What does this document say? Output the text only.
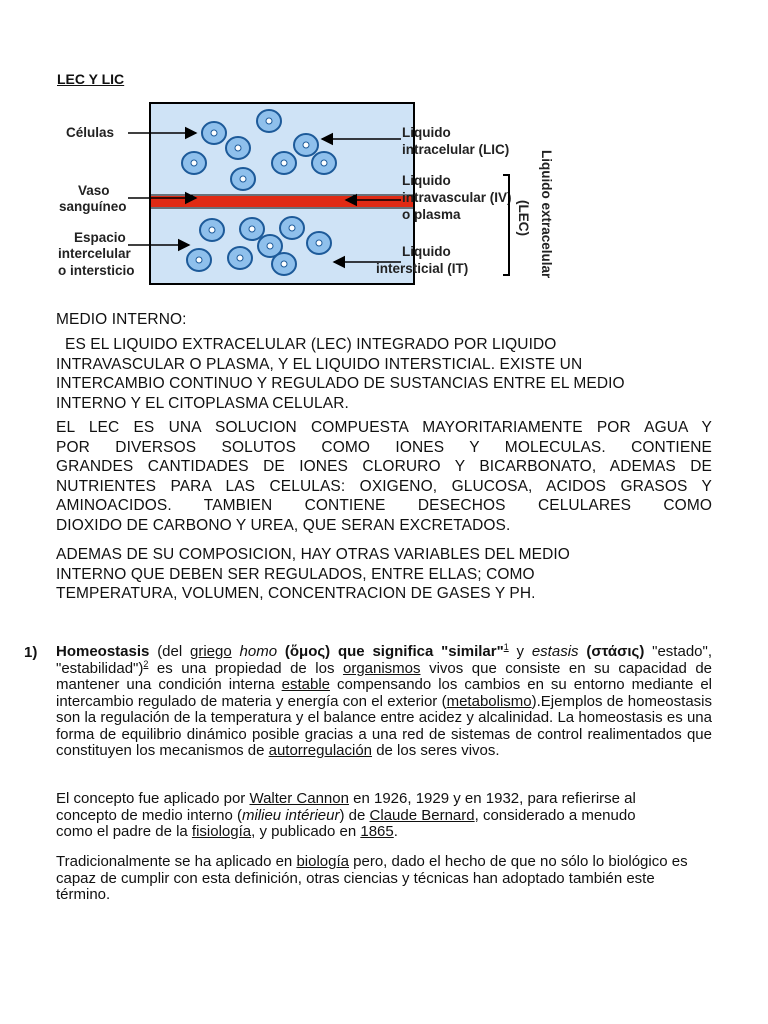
LEC Y LIC
Células
Vaso
sanguíneo
Espacio
intercelular
o intersticio
Liquido
intracelular (LIC)
Liquido
intravascular (IV)
o plasma
Liquido
intersticial (IT)
(LEC) Liquido extracelular
MEDIO INTERNO:
ES EL LIQUIDO EXTRACELULAR (LEC) INTEGRADO POR LIQUIDO
INTRAVASCULAR O PLASMA, Y EL LIQUIDO INTERSTICIAL. EXISTE UN
INTERCAMBIO CONTINUO Y REGULADO DE SUSTANCIAS ENTRE EL MEDIO
INTERNO Y EL CITOPLASMA CELULAR.
EL LEC ES UNA SOLUCION COMPUESTA MAYORITARIAMENTE POR AGUA Y
POR DIVERSOS SOLUTOS COMO IONES Y MOLECULAS. CONTIENE
GRANDES CANTIDADES DE IONES CLORURO Y BICARBONATO, ADEMAS DE
NUTRIENTES PARA LAS CELULAS: OXIGENO, GLUCOSA, ACIDOS GRASOS Y
AMINOACIDOS. TAMBIEN CONTIENE DESECHOS CELULARES COMO
DIOXIDO DE CARBONO Y UREA, QUE SERAN EXCRETADOS.
ADEMAS DE SU COMPOSICION, HAY OTRAS VARIABLES DEL MEDIO
INTERNO QUE DEBEN SER REGULADOS, ENTRE ELLAS; COMO
TEMPERATURA, VOLUMEN, CONCENTRACION DE GASES Y PH.
1) Homeostasis (del griego homo (ὅμος) que significa "similar"$^1$ y estasis (στάσις) "estado", "estabilidad")$^2$ es una propiedad de los organismos vivos que consiste en su capacidad de mantener una condición interna estable compensando los cambios en su entorno mediante el intercambio regulado de materia y energía con el exterior (metabolismo).Ejemplos de homeostasis son la regulación de la temperatura y el balance entre acidez y alcalinidad. La homeostasis es una forma de equilibrio dinámico posible gracias a una red de sistemas de control realimentados que constituyen los mecanismos de autorregulación de los seres vivos.
El concepto fue aplicado por Walter Cannon en 1926, 1929 y en 1932, para refierirse al concepto de medio interno (milieu intérieur) de Claude Bernard, considerado a menudo como el padre de la fisiología, y publicado en 1865.
Tradicionalmente se ha aplicado en biología pero, dado el hecho de que no sólo lo biológico es capaz de cumplir con esta definición, otras ciencias y técnicas han adoptado también este término.
